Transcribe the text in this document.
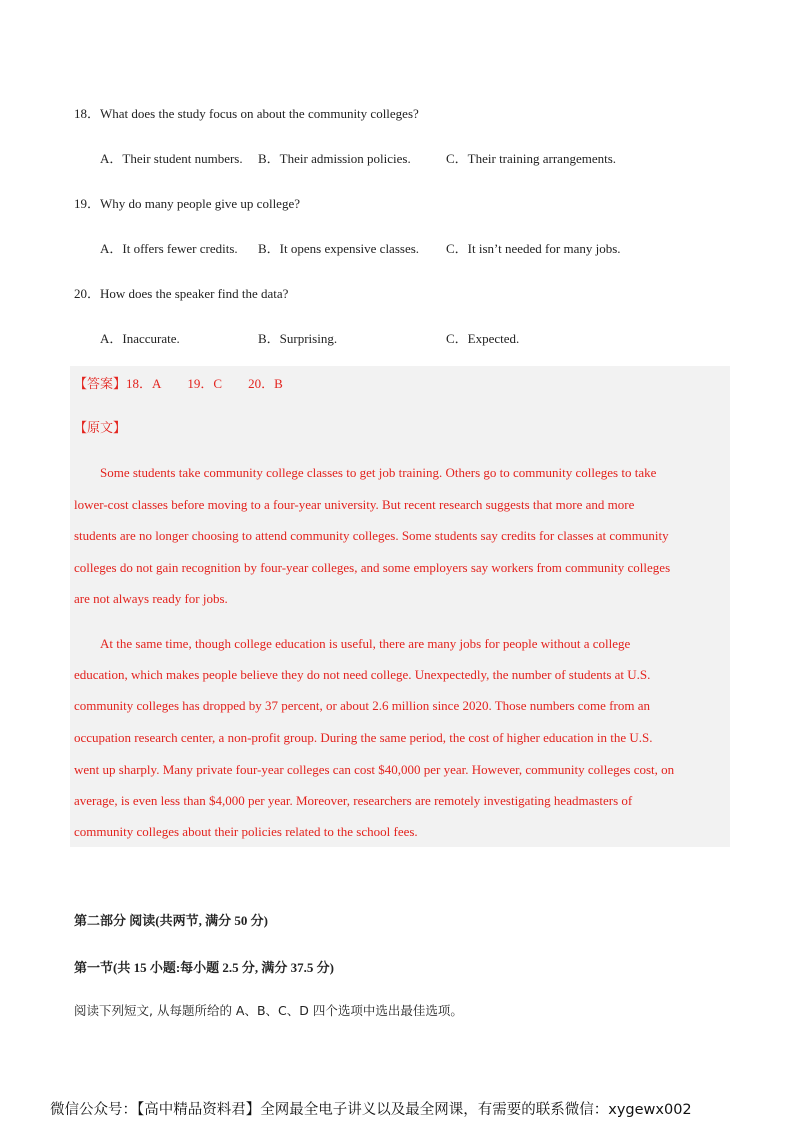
18．What does the study focus on about the community colleges?
A．Their student numbers. B．Their admission policies.	C．Their training arrangements.
19．Why do many people give up college?
A．It offers fewer credits. B．It opens expensive classes. C．It isn’t needed for many jobs.
20．How does the speaker find the data?
A．Inaccurate.	B．Surprising.	C．Expected.
【答案】18．A 19．C 20．B
【原文】
Some students take community college classes to get job training. Others go to community colleges to take
lower-cost classes before moving to a four-year university. But recent research suggests that more and more
students are no longer choosing to attend community colleges. Some students say credits for classes at community
colleges do not gain recognition by four-year colleges, and some employers say workers from community colleges
are not always ready for jobs.
At the same time, though college education is useful, there are many jobs for people without a college
education, which makes people believe they do not need college. Unexpectedly, the number of students at U.S.
community colleges has dropped by 37 percent, or about 2.6 million since 2020. Those numbers come from an
occupation research center, a non-profit group. During the same period, the cost of higher education in the U.S.
went up sharply. Many private four-year colleges can cost $40,000 per year. However, community colleges cost, on
average, is even less than $4,000 per year. Moreover, researchers are remotely investigating headmasters of
community colleges about their policies related to the school fees.
第二部分 阅读(共两节, 满分 50 分)
第一节(共 15 小题:每小题 2.5 分, 满分 37.5 分)
阅读下列短文, 从每题所给的 A、B、C、D 四个选项中选出最佳选项。
微信公众号：【高中精品资料君】全网最全电子讲义以及最全网课，有需要的联系微信：xygewx002
